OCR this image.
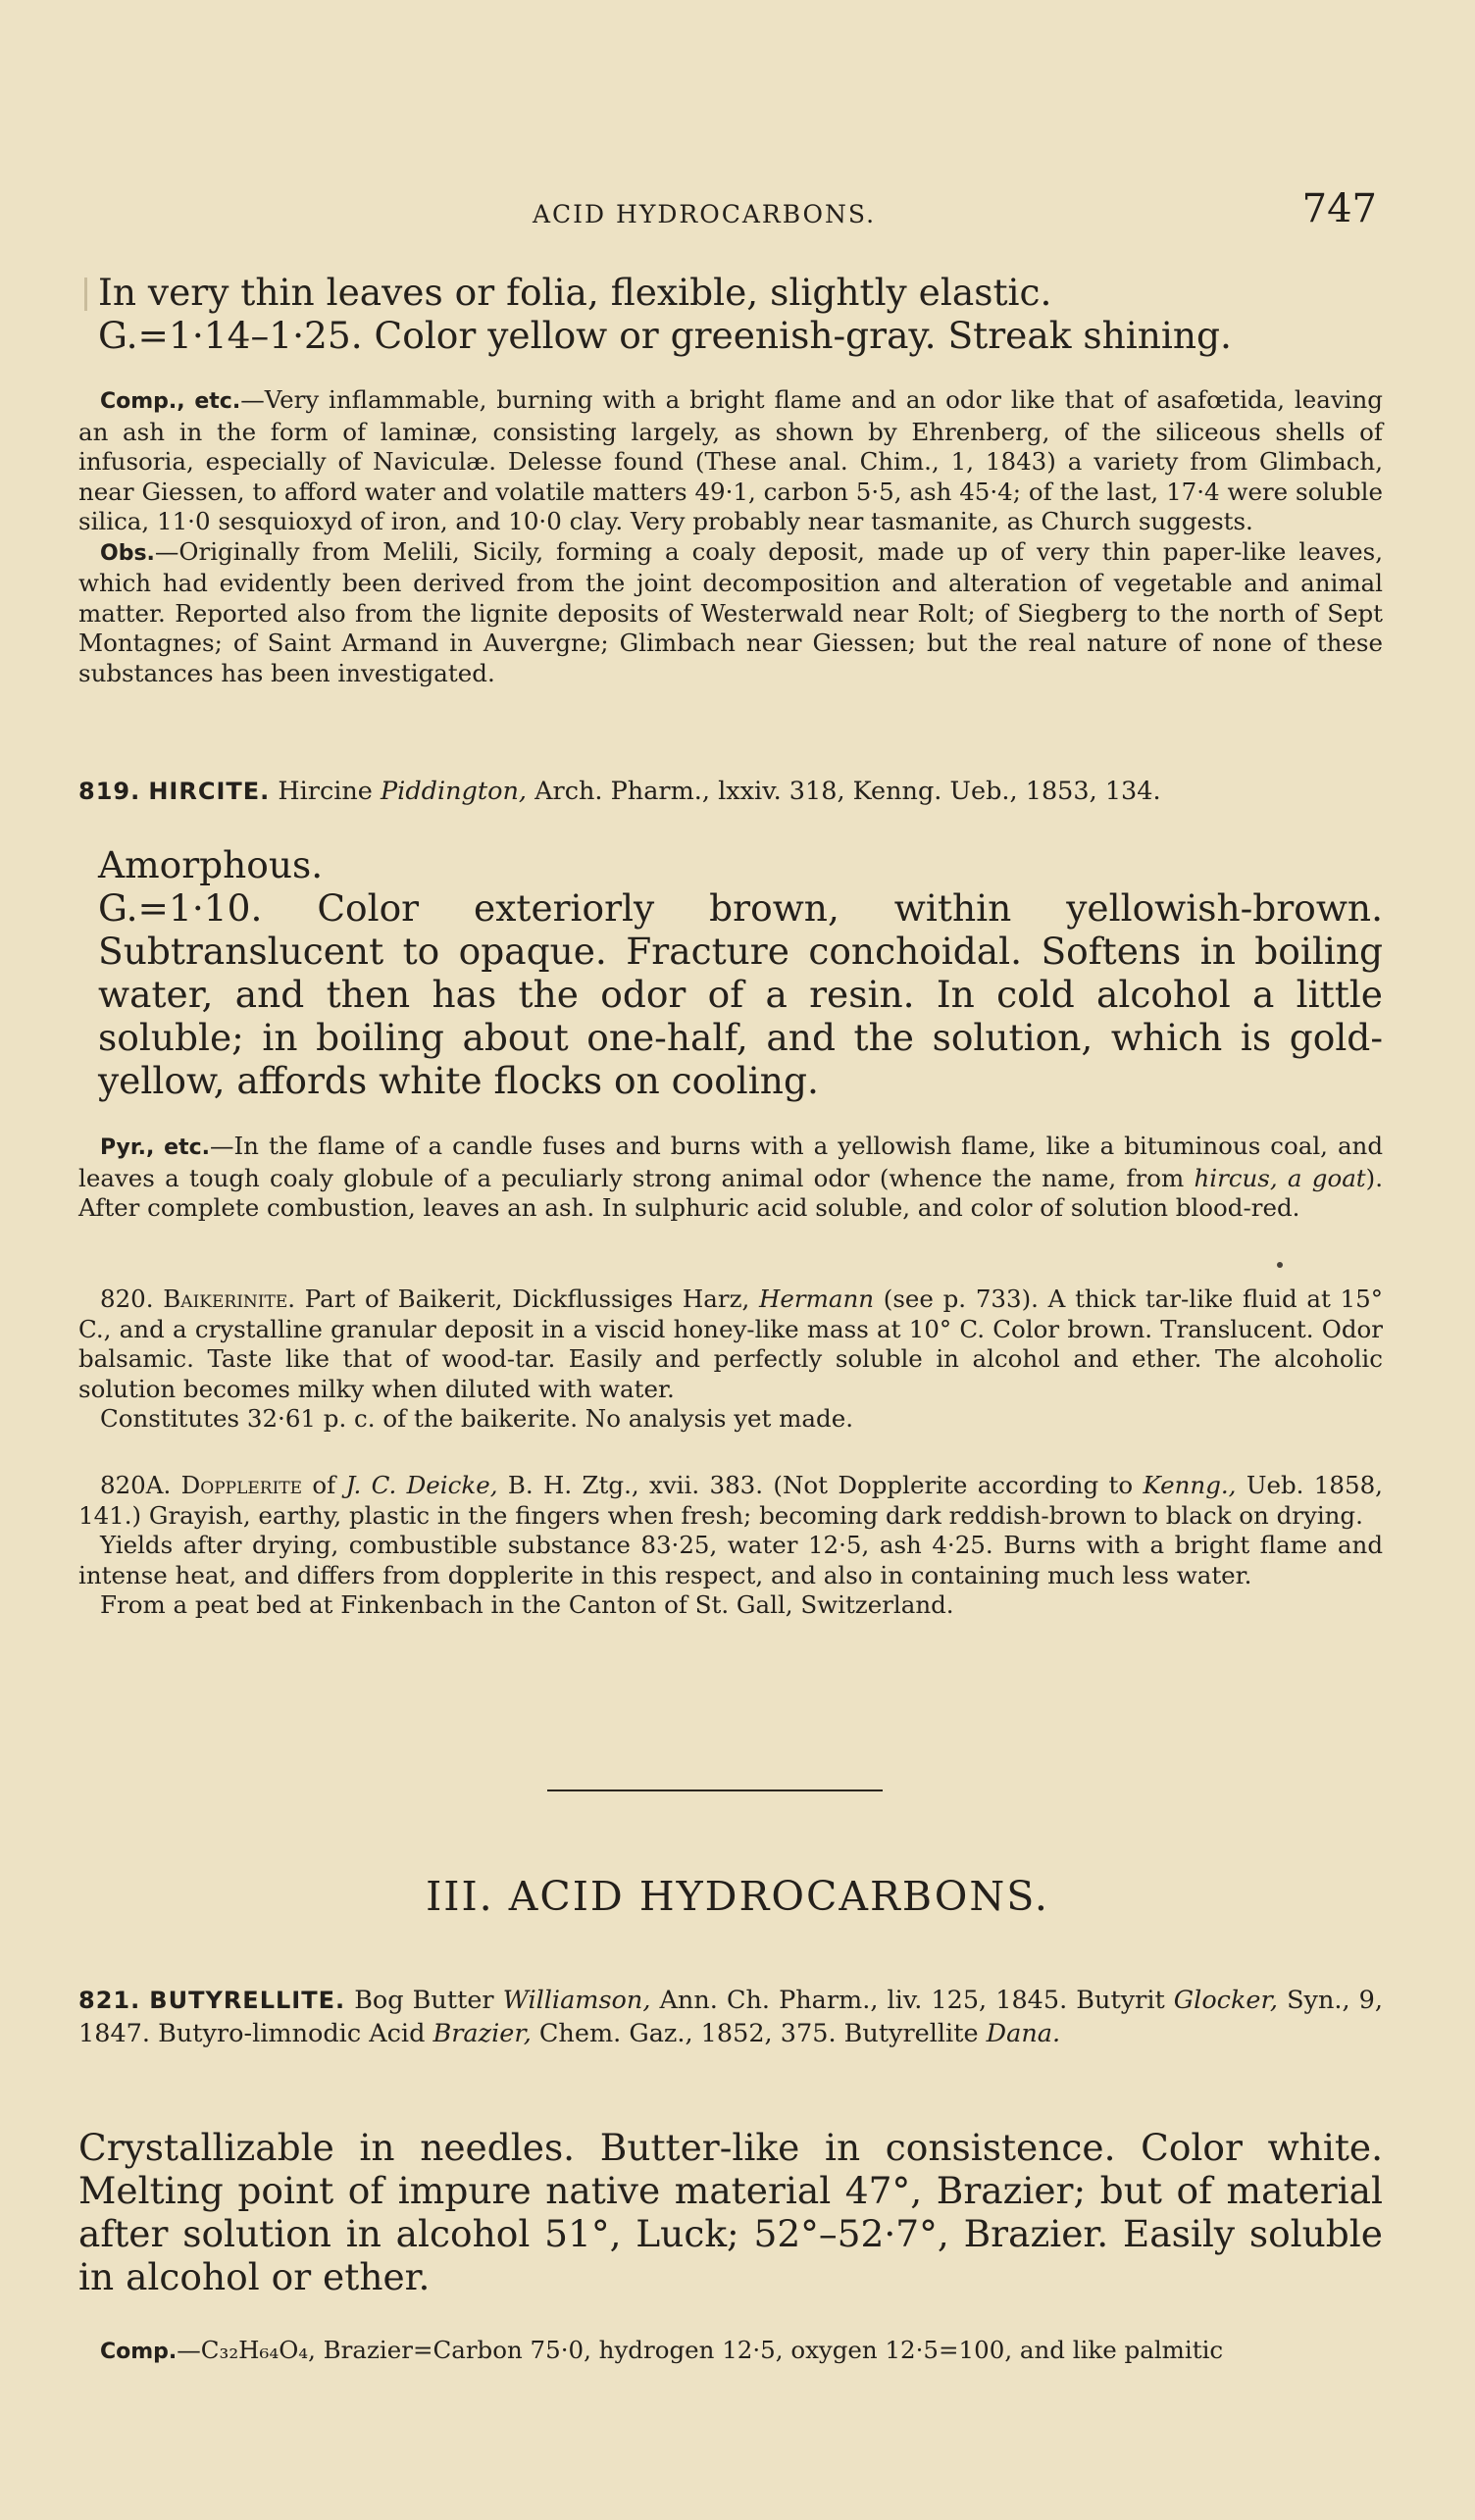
ACID HYDROCARBONS.	747
In very thin leaves or folia, flexible, slightly elastic.
G.=1·14–1·25. Color yellow or greenish-gray. Streak shining.
Comp., etc.—Very inflammable, burning with a bright flame and an odor like that of asafœtida, leaving an ash in the form of laminæ, consisting largely, as shown by Ehrenberg, of the siliceous shells of infusoria, especially of Naviculæ. Delesse found (These anal. Chim., 1, 1843) a variety from Glimbach, near Giessen, to afford water and volatile matters 49·1, carbon 5·5, ash 45·4; of the last, 17·4 were soluble silica, 11·0 sesquioxyd of iron, and 10·0 clay. Very probably near tasmanite, as Church suggests.
Obs.—Originally from Melili, Sicily, forming a coaly deposit, made up of very thin paper-like leaves, which had evidently been derived from the joint decomposition and alteration of vegetable and animal matter. Reported also from the lignite deposits of Westerwald near Rolt; of Siegberg to the north of Sept Montagnes; of Saint Armand in Auvergne; Glimbach near Giessen; but the real nature of none of these substances has been investigated.
819. HIRCITE. Hircine Piddington, Arch. Pharm., lxxiv. 318, Kenng. Ueb., 1853, 134.
Amorphous.
G.=1·10. Color exteriorly brown, within yellowish-brown. Subtranslucent to opaque. Fracture conchoidal. Softens in boiling water, and then has the odor of a resin. In cold alcohol a little soluble; in boiling about one-half, and the solution, which is gold-yellow, affords white flocks on cooling.
Pyr., etc.—In the flame of a candle fuses and burns with a yellowish flame, like a bituminous coal, and leaves a tough coaly globule of a peculiarly strong animal odor (whence the name, from hircus, a goat). After complete combustion, leaves an ash. In sulphuric acid soluble, and color of solution blood-red.
820. Baikerinite. Part of Baikerit, Dickflussiges Harz, Hermann (see p. 733). A thick tar-like fluid at 15° C., and a crystalline granular deposit in a viscid honey-like mass at 10° C. Color brown. Translucent. Odor balsamic. Taste like that of wood-tar. Easily and perfectly soluble in alcohol and ether. The alcoholic solution becomes milky when diluted with water.
Constitutes 32·61 p. c. of the baikerite. No analysis yet made.
820A. Dopplerite of J. C. Deicke, B. H. Ztg., xvii. 383. (Not Dopplerite according to Kenng., Ueb. 1858, 141.) Grayish, earthy, plastic in the fingers when fresh; becoming dark reddish-brown to black on drying.
Yields after drying, combustible substance 83·25, water 12·5, ash 4·25. Burns with a bright flame and intense heat, and differs from dopplerite in this respect, and also in containing much less water.
From a peat bed at Finkenbach in the Canton of St. Gall, Switzerland.
III. ACID HYDROCARBONS.
821. BUTYRELLITE. Bog Butter Williamson, Ann. Ch. Pharm., liv. 125, 1845. Butyrit Glocker, Syn., 9, 1847. Butyro-limnodic Acid Brazier, Chem. Gaz., 1852, 375. Butyrellite Dana.
Crystallizable in needles. Butter-like in consistence. Color white. Melting point of impure native material 47°, Brazier; but of material after solution in alcohol 51°, Luck; 52°–52·7°, Brazier. Easily soluble in alcohol or ether.
Comp.—C₃₂H₆₄O₄, Brazier=Carbon 75·0, hydrogen 12·5, oxygen 12·5=100, and like palmitic
